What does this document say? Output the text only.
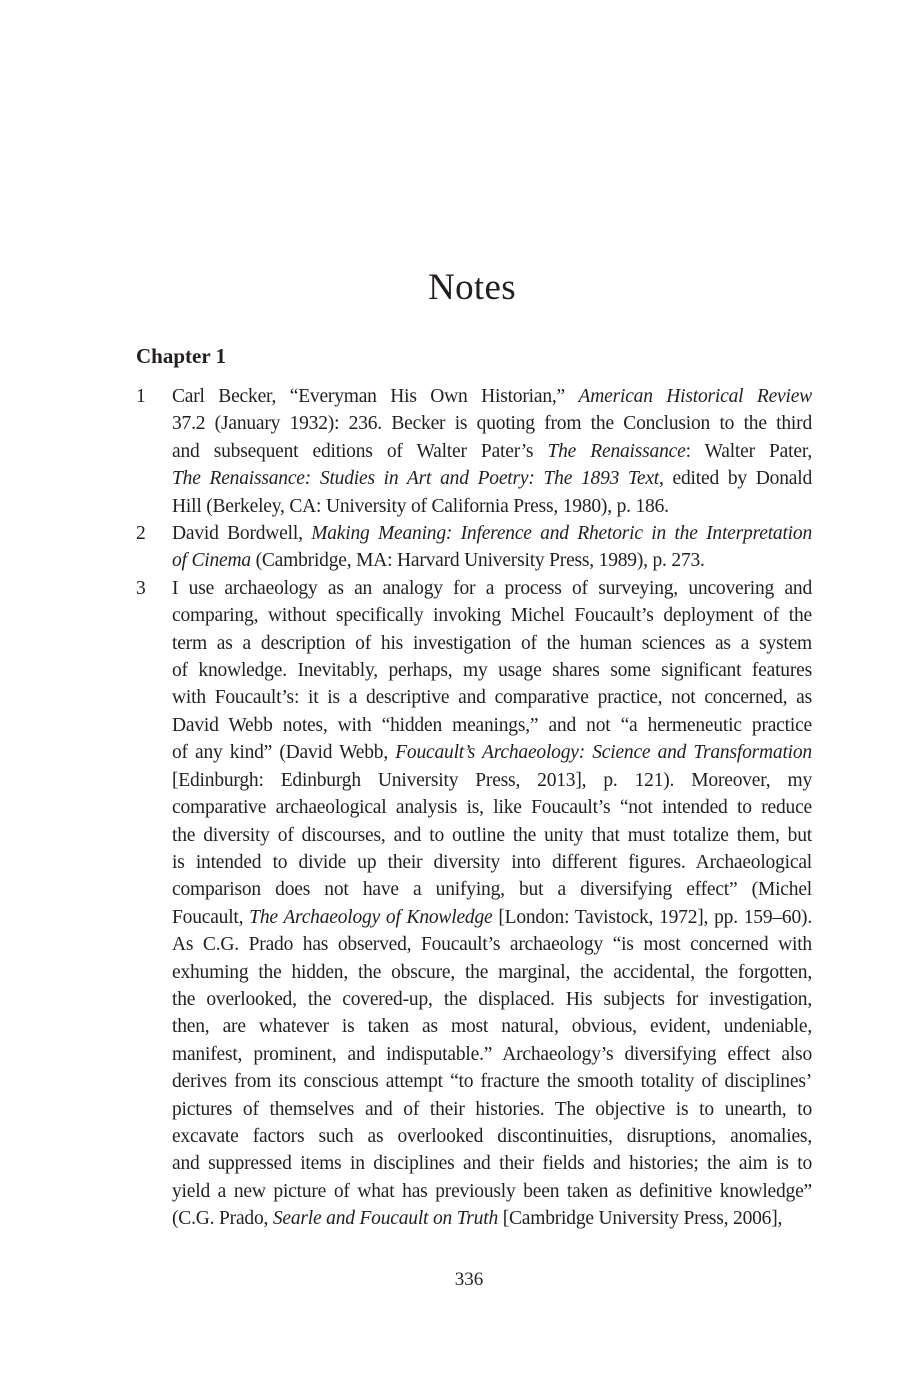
Notes
Chapter 1
1	Carl Becker, “Everyman His Own Historian,” American Historical Review
37.2 (January 1932): 236. Becker is quoting from the Conclusion to the third
and subsequent editions of Walter Pater’s The Renaissance: Walter Pater,
The Renaissance: Studies in Art and Poetry: The 1893 Text, edited by Donald
Hill (Berkeley, CA: University of California Press, 1980), p. 186.
2	David Bordwell, Making Meaning: Inference and Rhetoric in the Interpretation
of Cinema (Cambridge, MA: Harvard University Press, 1989), p. 273.
3	I use archaeology as an analogy for a process of surveying, uncovering and
comparing, without specifically invoking Michel Foucault’s deployment of the
term as a description of his investigation of the human sciences as a system
of knowledge. Inevitably, perhaps, my usage shares some significant features
with Foucault’s: it is a descriptive and comparative practice, not concerned, as
David Webb notes, with “hidden meanings,” and not “a hermeneutic practice
of any kind” (David Webb, Foucault’s Archaeology: Science and Transformation
[Edinburgh: Edinburgh University Press, 2013], p. 121). Moreover, my
comparative archaeological analysis is, like Foucault’s “not intended to reduce
the diversity of discourses, and to outline the unity that must totalize them, but
is intended to divide up their diversity into different figures. Archaeological
comparison does not have a unifying, but a diversifying effect” (Michel
Foucault, The Archaeology of Knowledge [London: Tavistock, 1972], pp. 159–60).
As C.G. Prado has observed, Foucault’s archaeology “is most concerned with
exhuming the hidden, the obscure, the marginal, the accidental, the forgotten,
the overlooked, the covered-up, the displaced. His subjects for investigation,
then, are whatever is taken as most natural, obvious, evident, undeniable,
manifest, prominent, and indisputable.” Archaeology’s diversifying effect also
derives from its conscious attempt “to fracture the smooth totality of disciplines’
pictures of themselves and of their histories. The objective is to unearth, to
excavate factors such as overlooked discontinuities, disruptions, anomalies,
and suppressed items in disciplines and their fields and histories; the aim is to
yield a new picture of what has previously been taken as definitive knowledge”
(C.G. Prado, Searle and Foucault on Truth [Cambridge University Press, 2006],
336
